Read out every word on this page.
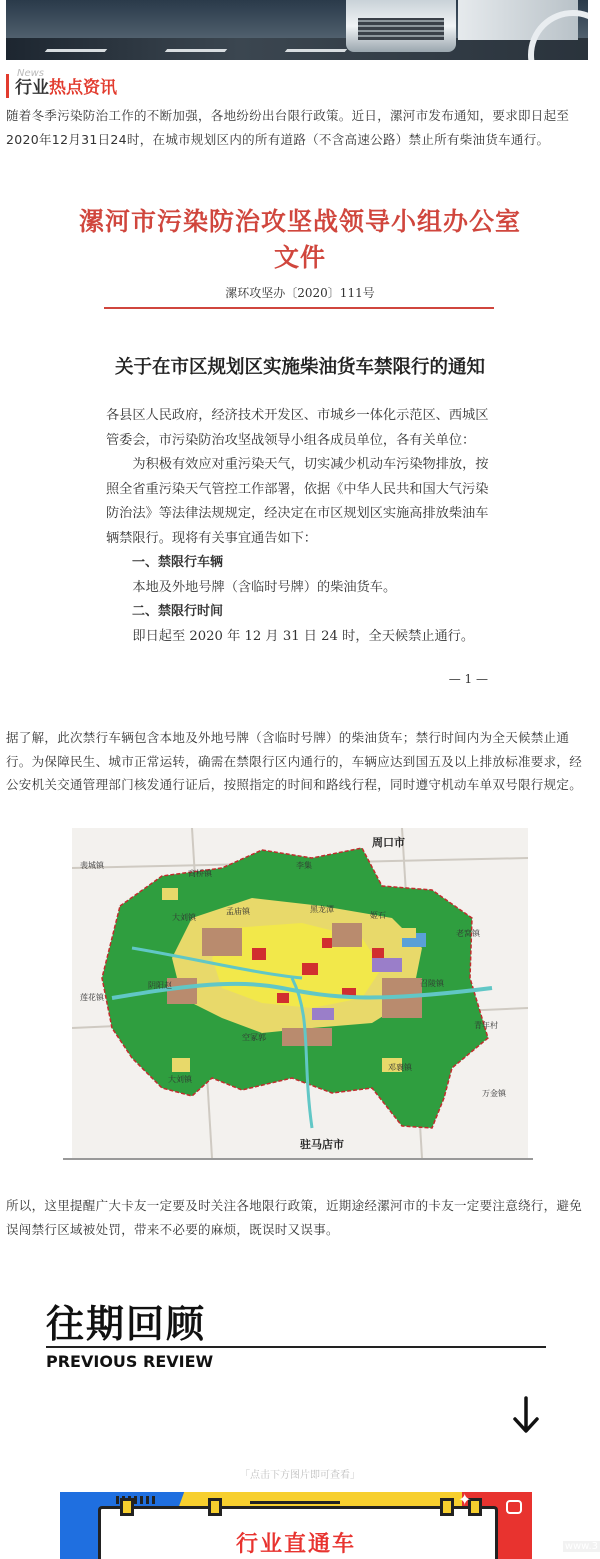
News
行业 热点资讯
随着冬季污染防治工作的不断加强，各地纷纷出台限行政策。近日，漯河市发布通知，要求即日起至2020年12月31日24时，在城市规划区内的所有道路（不含高速公路）禁止所有柴油货车通行。
漯河市污染防治攻坚战领导小组办公室文件
漯环攻坚办〔2020〕111号
关于在市区规划区实施柴油货车禁限行的通知
各县区人民政府，经济技术开发区、市城乡一体化示范区、西城区管委会，市污染防治攻坚战领导小组各成员单位，各有关单位：
为积极有效应对重污染天气，切实减少机动车污染物排放，按照全省重污染天气管控工作部署，依据《中华人民共和国大气污染防治法》等法律法规规定，经决定在市区规划区实施高排放柴油车辆禁限行。现将有关事宜通告如下：
一、禁限行车辆
本地及外地号牌（含临时号牌）的柴油货车。
二、禁限行时间
即日起至 2020 年 12 月 31 日 24 时，全天候禁止通行。
— 1 —
据了解，此次禁行车辆包含本地及外地号牌（含临时号牌）的柴油货车；禁行时间内为全天候禁止通行。为保障民生、城市正常运转，确需在禁限行区内通行的，车辆应达到国五及以上排放标准要求，经公安机关交通管理部门核发通行证后，按照指定的时间和路线行程，同时遵守机动车单双号限行规定。
周口市
驻马店市
裴城镇
商桥镇
李集
大刘镇
孟庙镇	黑龙潭
姬石
老窝镇
阴阳赵
莲花镇
召陵镇
青年村
空冢郭
邓襄镇
万金镇
大刘镇
所以，这里提醒广大卡友一定要及时关注各地限行政策，近期途经漯河市的卡友一定要注意绕行，避免误闯禁行区域被处罚，带来不必要的麻烦，既误时又误事。
往期回顾
PREVIOUS REVIEW
「点击下方图片即可查看」
✦
行业直通车	www.3
